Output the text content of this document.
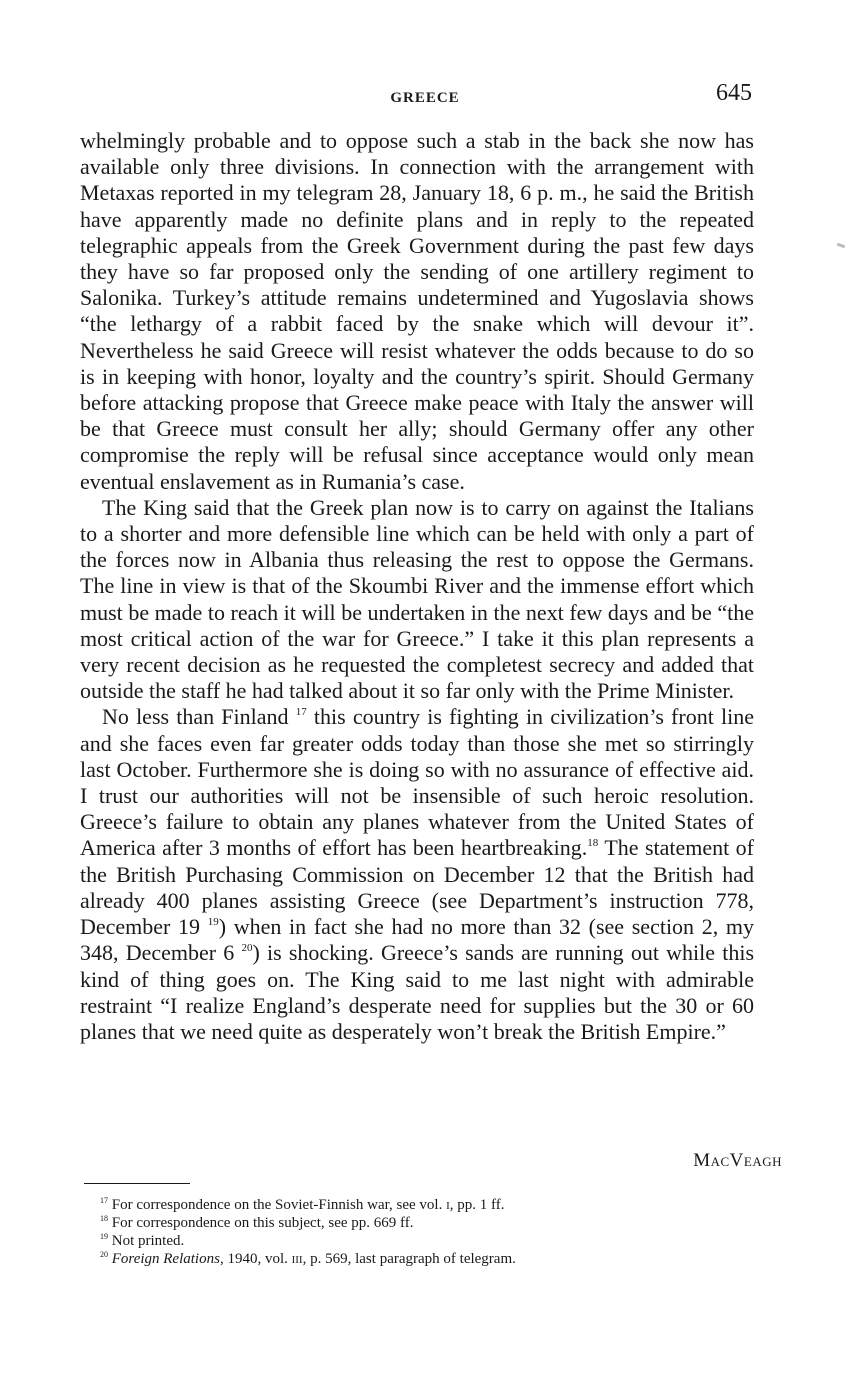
GREECE	645

whelmingly probable and to oppose such a stab in the back she now has available only three divisions. In connection with the arrangement with Metaxas reported in my telegram 28, January 18, 6 p. m., he said the British have apparently made no definite plans and in reply to the repeated telegraphic appeals from the Greek Government during the past few days they have so far proposed only the sending of one artillery regiment to Salonika. Turkey’s attitude remains undetermined and Yugoslavia shows “the lethargy of a rabbit faced by the snake which will devour it”. Nevertheless he said Greece will resist whatever the odds because to do so is in keeping with honor, loyalty and the country’s spirit. Should Germany before attacking propose that Greece make peace with Italy the answer will be that Greece must consult her ally; should Germany offer any other compromise the reply will be refusal since acceptance would only mean eventual enslavement as in Rumania’s case.

The King said that the Greek plan now is to carry on against the Italians to a shorter and more defensible line which can be held with only a part of the forces now in Albania thus releasing the rest to oppose the Germans. The line in view is that of the Skoumbi River and the immense effort which must be made to reach it will be undertaken in the next few days and be “the most critical action of the war for Greece.” I take it this plan represents a very recent decision as he requested the completest secrecy and added that outside the staff he had talked about it so far only with the Prime Minister.

No less than Finland $^{17}$ this country is fighting in civilization’s front line and she faces even far greater odds today than those she met so stirringly last October. Furthermore she is doing so with no assurance of effective aid. I trust our authorities will not be insensible of such heroic resolution. Greece’s failure to obtain any planes whatever from the United States of America after 3 months of effort has been heartbreaking.$^{18}$ The statement of the British Purchasing Commission on December 12 that the British had already 400 planes assisting Greece (see Department’s instruction 778, December 19 $^{19}$) when in fact she had no more than 32 (see section 2, my 348, December 6 $^{20}$) is shocking. Greece’s sands are running out while this kind of thing goes on. The King said to me last night with admirable restraint “I realize England’s desperate need for supplies but the 30 or 60 planes that we need quite as desperately won’t break the British Empire.”

MacVeagh
$^{17}$ For correspondence on the Soviet-Finnish war, see vol. i, pp. 1 ff.
$^{18}$ For correspondence on this subject, see pp. 669 ff.
$^{19}$ Not printed.
$^{20}$ Foreign Relations, 1940, vol. iii, p. 569, last paragraph of telegram.
